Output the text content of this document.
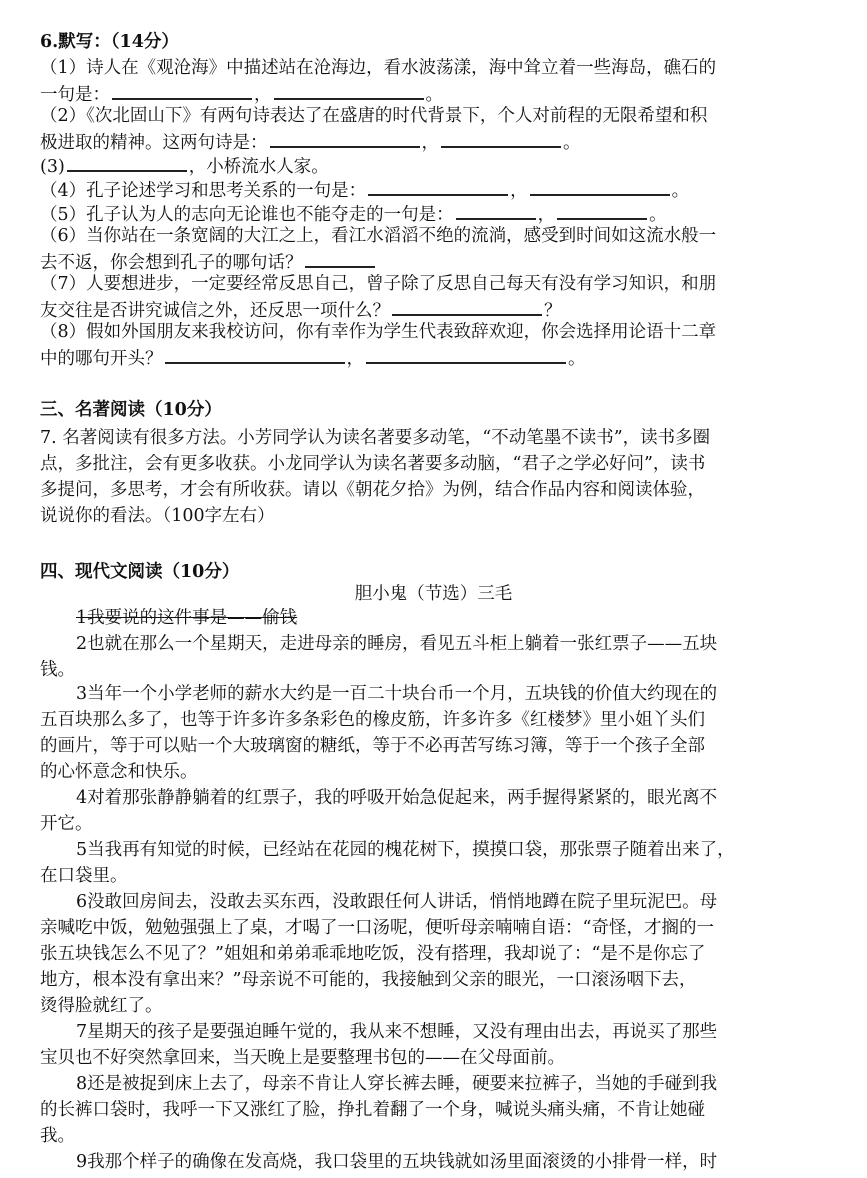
6.默写：（14分）
（1）诗人在《观沧海》中描述站在沧海边，看水波荡漾，海中耸立着一些海岛，礁石的
一句是：	，	。
（2）《次北固山下》有两句诗表达了在盛唐的时代背景下，个人对前程的无限希望和积
极进取的精神。这两句诗是：	，	。
(3)	，小桥流水人家。
（4）孔子论述学习和思考关系的一句是：	，	。
（5）孔子认为人的志向无论谁也不能夺走的一句是：	，	。
（6）当你站在一条宽阔的大江之上，看江水滔滔不绝的流淌，感受到时间如这流水般一
去不返，你会想到孔子的哪句话？
（7）人要想进步，一定要经常反思自己，曾子除了反思自己每天有没有学习知识，和朋
友交往是否讲究诚信之外，还反思一项什么？	？
（8）假如外国朋友来我校访问，你有幸作为学生代表致辞欢迎，你会选择用论语十二章
中的哪句开头？	，	。
三、名著阅读（10分）
7. 名著阅读有很多方法。小芳同学认为读名著要多动笔，“不动笔墨不读书”，读书多圈
点，多批注，会有更多收获。小龙同学认为读名著要多动脑，“君子之学必好问”，读书
多提问，多思考，才会有所收获。请以《朝花夕拾》为例，结合作品内容和阅读体验，
说说你的看法。（100字左右）
四、现代文阅读（10分）
胆小鬼（节选）三毛
1我要说的这件事是——偷钱
2也就在那么一个星期天，走进母亲的睡房，看见五斗柜上躺着一张红票子——五块
钱。
3当年一个小学老师的薪水大约是一百二十块台币一个月，五块钱的价值大约现在的
五百块那么多了，也等于许多许多条彩色的橡皮筋，许多许多《红楼梦》里小姐丫头们
的画片，等于可以贴一个大玻璃窗的糖纸，等于不必再苦写练习簿，等于一个孩子全部
的心怀意念和快乐。
4对着那张静静躺着的红票子，我的呼吸开始急促起来，两手握得紧紧的，眼光离不
开它。
5当我再有知觉的时候，已经站在花园的槐花树下，摸摸口袋，那张票子随着出来了，
在口袋里。
6没敢回房间去，没敢去买东西，没敢跟任何人讲话，悄悄地蹲在院子里玩泥巴。母
亲喊吃中饭，勉勉强强上了桌，才喝了一口汤呢，便听母亲喃喃自语：“奇怪，才搁的一
张五块钱怎么不见了？”姐姐和弟弟乖乖地吃饭，没有搭理，我却说了：“是不是你忘了
地方，根本没有拿出来？”母亲说不可能的，我接触到父亲的眼光，一口滚汤咽下去，
烫得脸就红了。
7星期天的孩子是要强迫睡午觉的，我从来不想睡，又没有理由出去，再说买了那些
宝贝也不好突然拿回来，当天晚上是要整理书包的——在父母面前。
8还是被捉到床上去了，母亲不肯让人穿长裤去睡，硬要来拉裤子，当她的手碰到我
的长裤口袋时，我呼一下又涨红了脸，挣扎着翻了一个身，喊说头痛头痛，不肯让她碰
我。
9我那个样子的确像在发高烧，我口袋里的五块钱就如汤里面滚烫的小排骨一样，时
